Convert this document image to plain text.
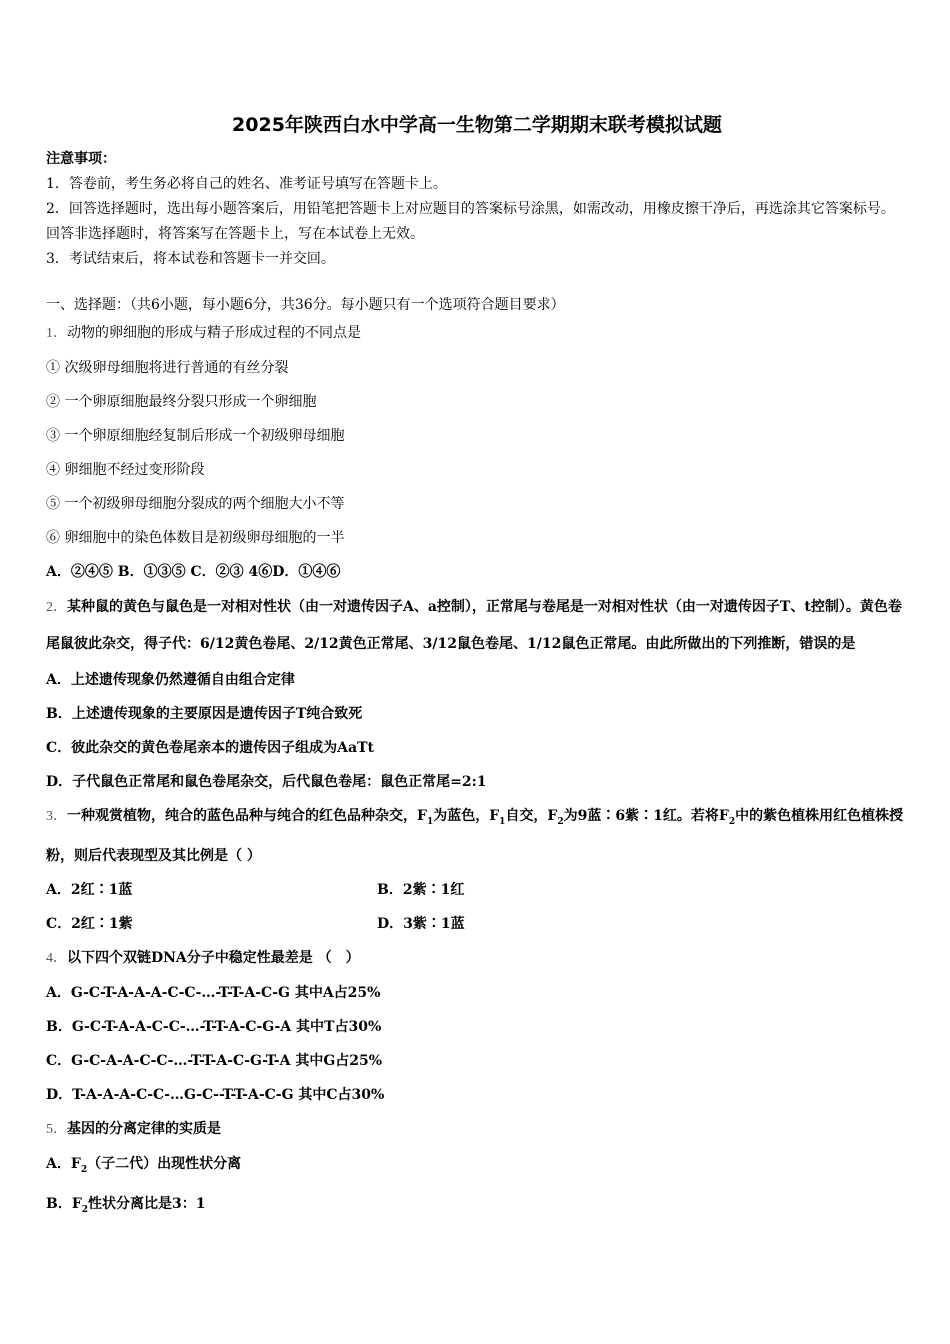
2025年陕西白水中学高一生物第二学期期末联考模拟试题
注意事项：

1．答卷前，考生务必将自己的姓名、准考证号填写在答题卡上。

2．回答选择题时，选出每小题答案后，用铅笔把答题卡上对应题目的答案标号涂黑，如需改动，用橡皮擦干净后，再选涂其它答案标号。回答非选择题时，将答案写在答题卡上，写在本试卷上无效。

3．考试结束后，将本试卷和答题卡一并交回。

一、选择题：（共6小题，每小题6分，共36分。每小题只有一个选项符合题目要求）

1．动物的卵细胞的形成与精子形成过程的不同点是

① 次级卵母细胞将进行普通的有丝分裂

② 一个卵原细胞最终分裂只形成一个卵细胞

③ 一个卵原细胞经复制后形成一个初级卵母细胞

④ 卵细胞不经过变形阶段

⑤ 一个初级卵母细胞分裂成的两个细胞大小不等

⑥ 卵细胞中的染色体数目是初级卵母细胞的一半

A．②④⑤ B．①③⑤ C．②③ 4⑥D．①④⑥

2．某种鼠的黄色与鼠色是一对相对性状（由一对遗传因子A、a控制），正常尾与卷尾是一对相对性状（由一对遗传因子T、t控制）。黄色卷尾鼠彼此杂交，得子代：6/12黄色卷尾、2/12黄色正常尾、3/12鼠色卷尾、1/12鼠色正常尾。由此所做出的下列推断，错误的是

A．上述遗传现象仍然遵循自由组合定律

B．上述遗传现象的主要原因是遗传因子T纯合致死

C．彼此杂交的黄色卷尾亲本的遗传因子组成为AaTt

D．子代鼠色正常尾和鼠色卷尾杂交，后代鼠色卷尾：鼠色正常尾=2:1

3．一种观赏植物，纯合的蓝色品种与纯合的红色品种杂交，$F_1$为蓝色，$F_1$自交，$F_2$为9蓝∶6紫∶1红。若将$F_2$中的紫色植株用红色植株授粉，则后代表现型及其比例是（ ）

A．2红∶1蓝	B．2紫∶1红

C．2红∶1紫	D．3紫∶1蓝

4．以下四个双链DNA分子中稳定性最差是 （　）

A．G-C-T-A-A-A-C-C-…-T-T-A-C-G 其中A占25%

B．G-C-T-A-A-C-C-…-T-T-A-C-G-A 其中T占30%

C．G-C-A-A-C-C-…-T-T-A-C-G-T-A 其中G占25%

D．T-A-A-A-C-C-…G-C--T-T-A-C-G 其中C占30%

5．基因的分离定律的实质是

A．$F_2$（子二代）出现性状分离

B．$F_2$性状分离比是3：1
